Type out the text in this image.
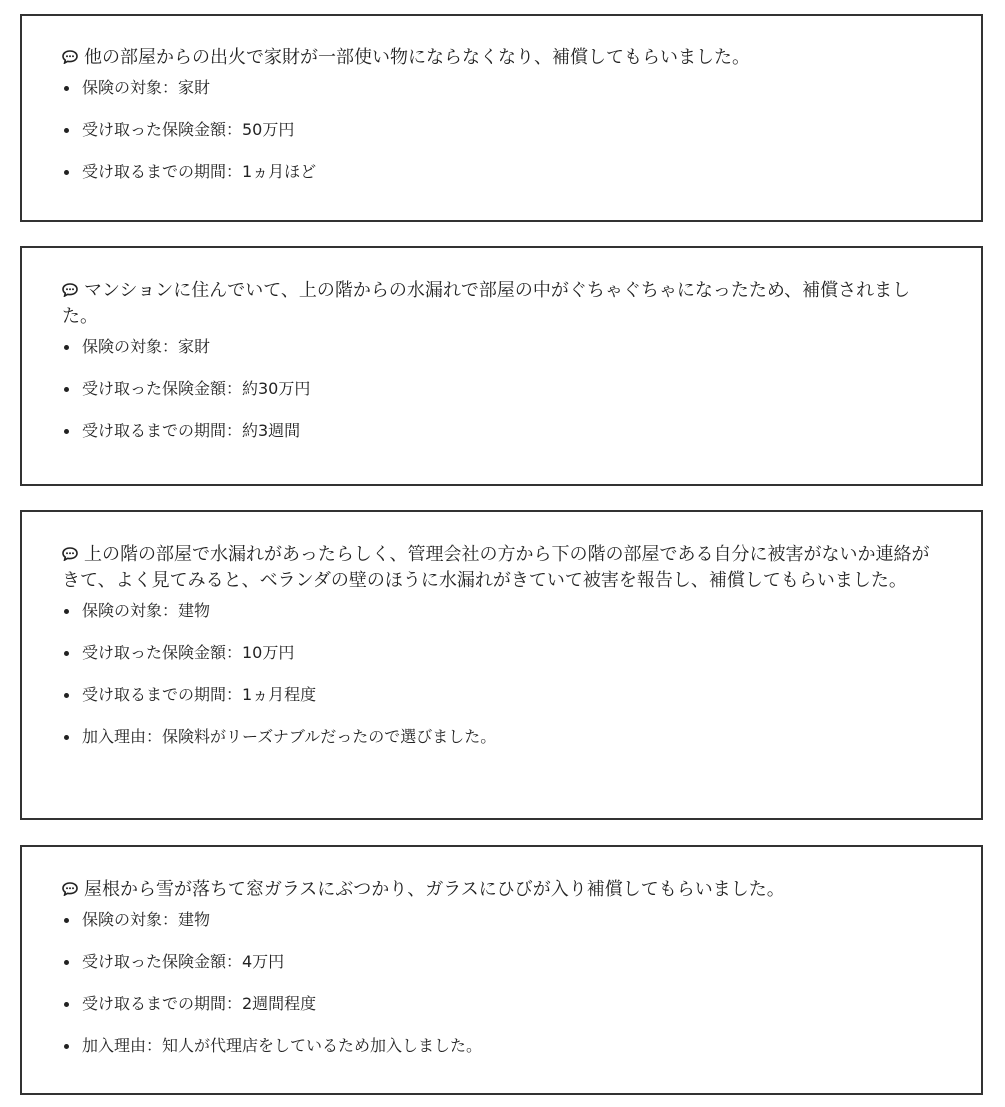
他の部屋からの出火で家財が一部使い物にならなくなり、補償してもらいました。

保険の対象：家財
受け取った保険金額：50万円
受け取るまでの期間：1ヵ月ほど

マンションに住んでいて、上の階からの水漏れで部屋の中がぐちゃぐちゃになったため、補償されました。

保険の対象：家財
受け取った保険金額：約30万円
受け取るまでの期間：約3週間

上の階の部屋で水漏れがあったらしく、管理会社の方から下の階の部屋である自分に被害がないか連絡がきて、よく見てみると、ベランダの壁のほうに水漏れがきていて被害を報告し、補償してもらいました。

保険の対象：建物
受け取った保険金額：10万円
受け取るまでの期間：1ヵ月程度
加入理由：保険料がリーズナブルだったので選びました。

屋根から雪が落ちて窓ガラスにぶつかり、ガラスにひびが入り補償してもらいました。

保険の対象：建物
受け取った保険金額：4万円
受け取るまでの期間：2週間程度
加入理由：知人が代理店をしているため加入しました。
